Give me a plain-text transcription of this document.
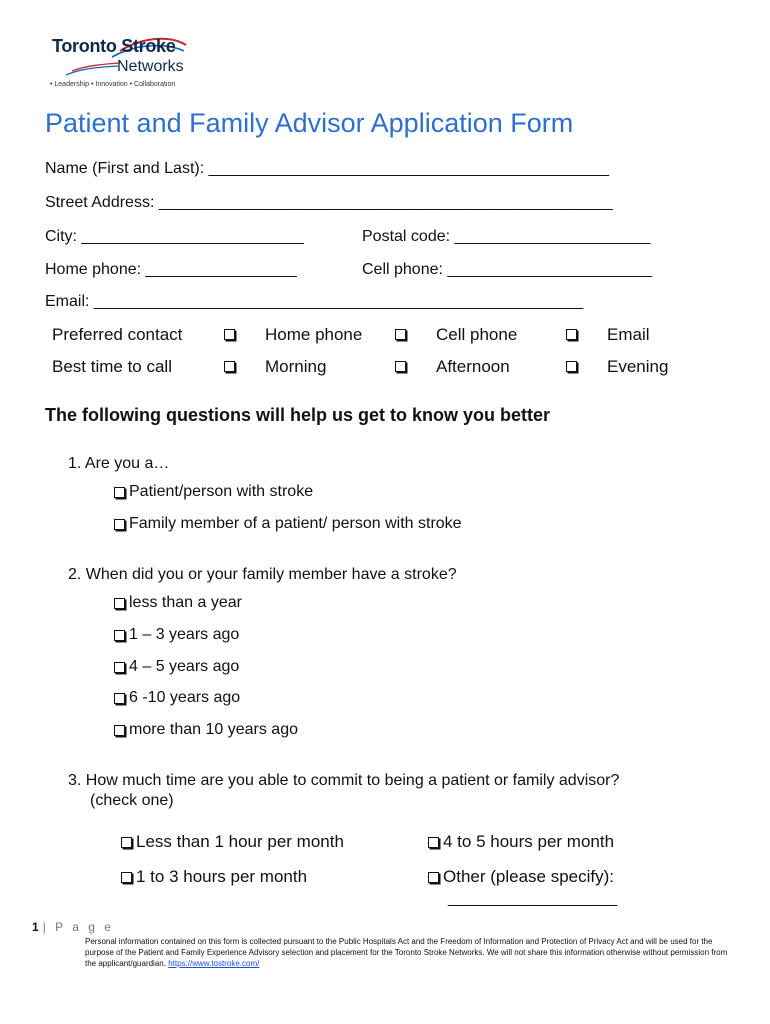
Toronto Stroke
Networks
• Leadership • Innovation • Collaboration
Patient and Family Advisor Application Form
Name (First and Last): _____________________________________________
Street Address: ___________________________________________________
City: _________________________	Postal code: ______________________
Home phone: _________________	Cell phone: _______________________
Email: _______________________________________________________
Preferred contact	Home phone	Cell phone	Email
Best time to call	Morning	Afternoon	Evening
The following questions will help us get to know you better
1. Are you a…
Patient/person with stroke
Family member of a patient/ person with stroke
2. When did you or your family member have a stroke?
less than a year
1 – 3 years ago
4 – 5 years ago
6 -10 years ago
more than 10 years ago
3. How much time are you able to commit to being a patient or family advisor?
(check one)
Less than 1 hour per month	4 to 5 hours per month
1 to 3 hours per month	Other (please specify):
___________________
1 | P a g e
Personal information contained on this form is collected pursuant to the Public Hospitals Act and the Freedom of Information and Protection of Privacy Act and will be used for the purpose of the Patient and Family Experience Advisory selection and placement for the Toronto Stroke Networks. We will not share this information otherwise without permission from the applicant/guardian. https://www.tostroke.com/
